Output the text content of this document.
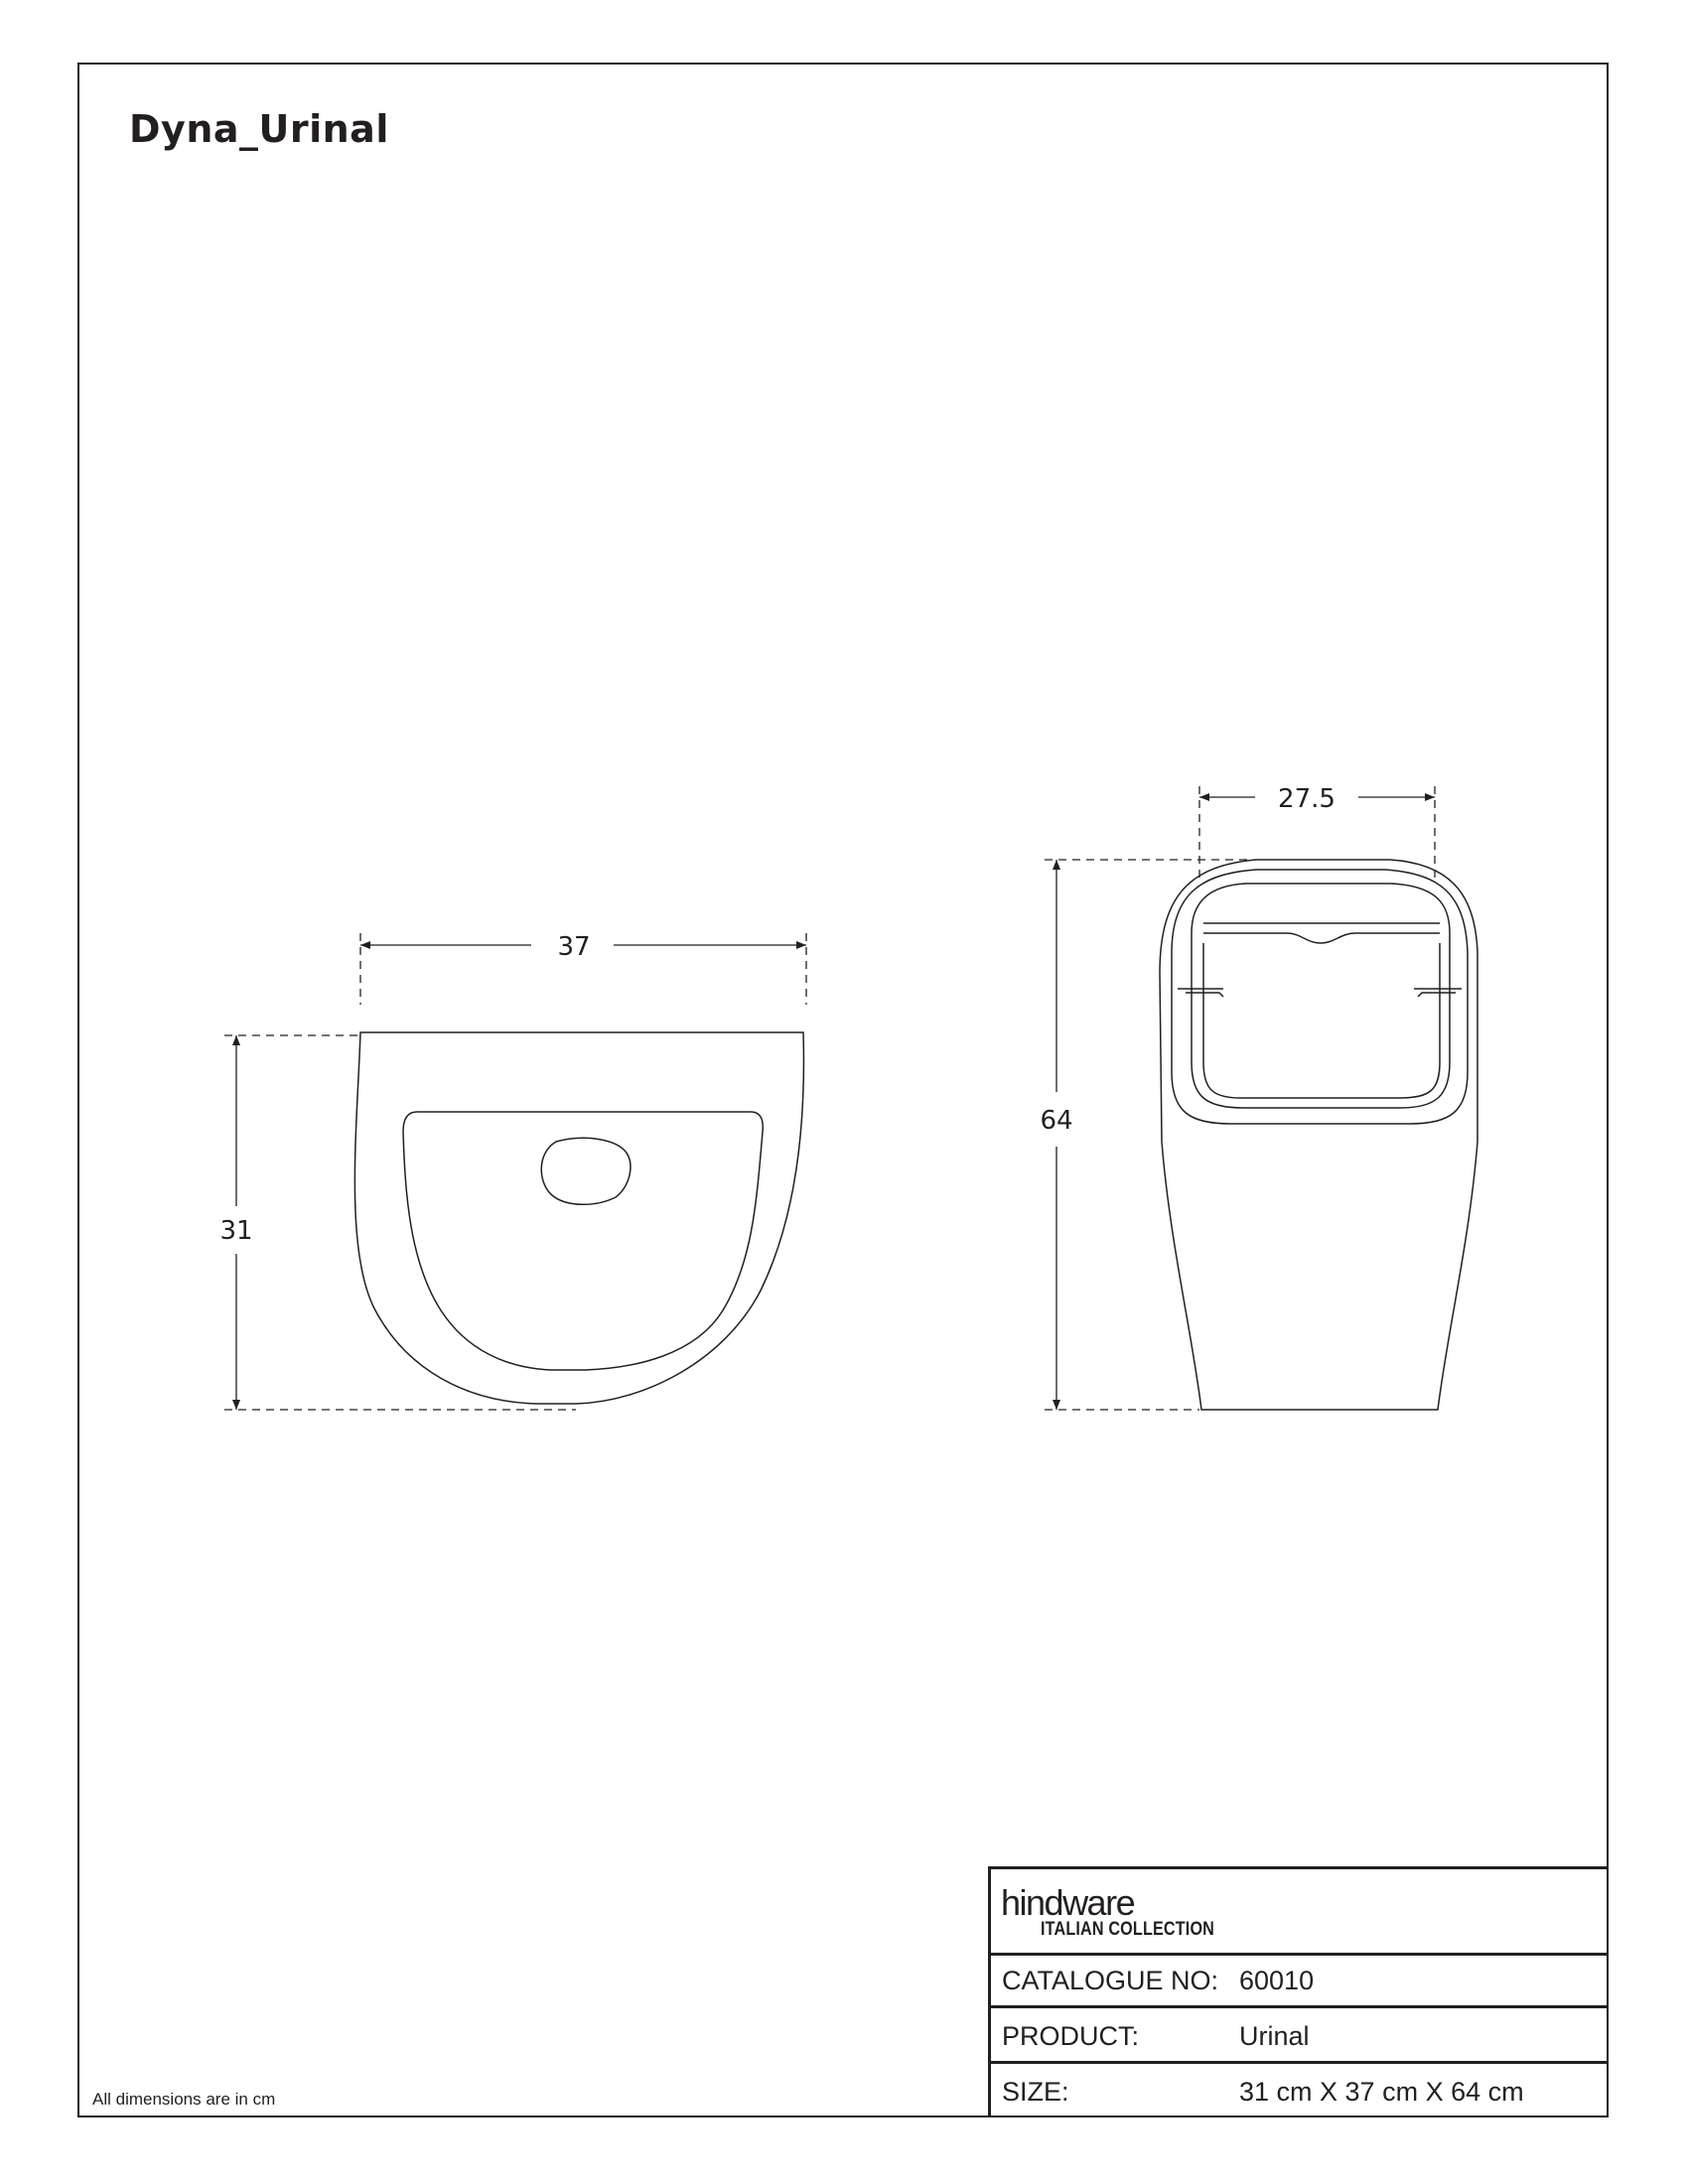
Dyna_Urinal
37
31
27.5
64
All dimensions are in cm
hindware
ITALIAN COLLECTION
CATALOGUE NO: 60010
PRODUCT:	Urinal
SIZE:	31 cm X 37 cm X 64 cm
